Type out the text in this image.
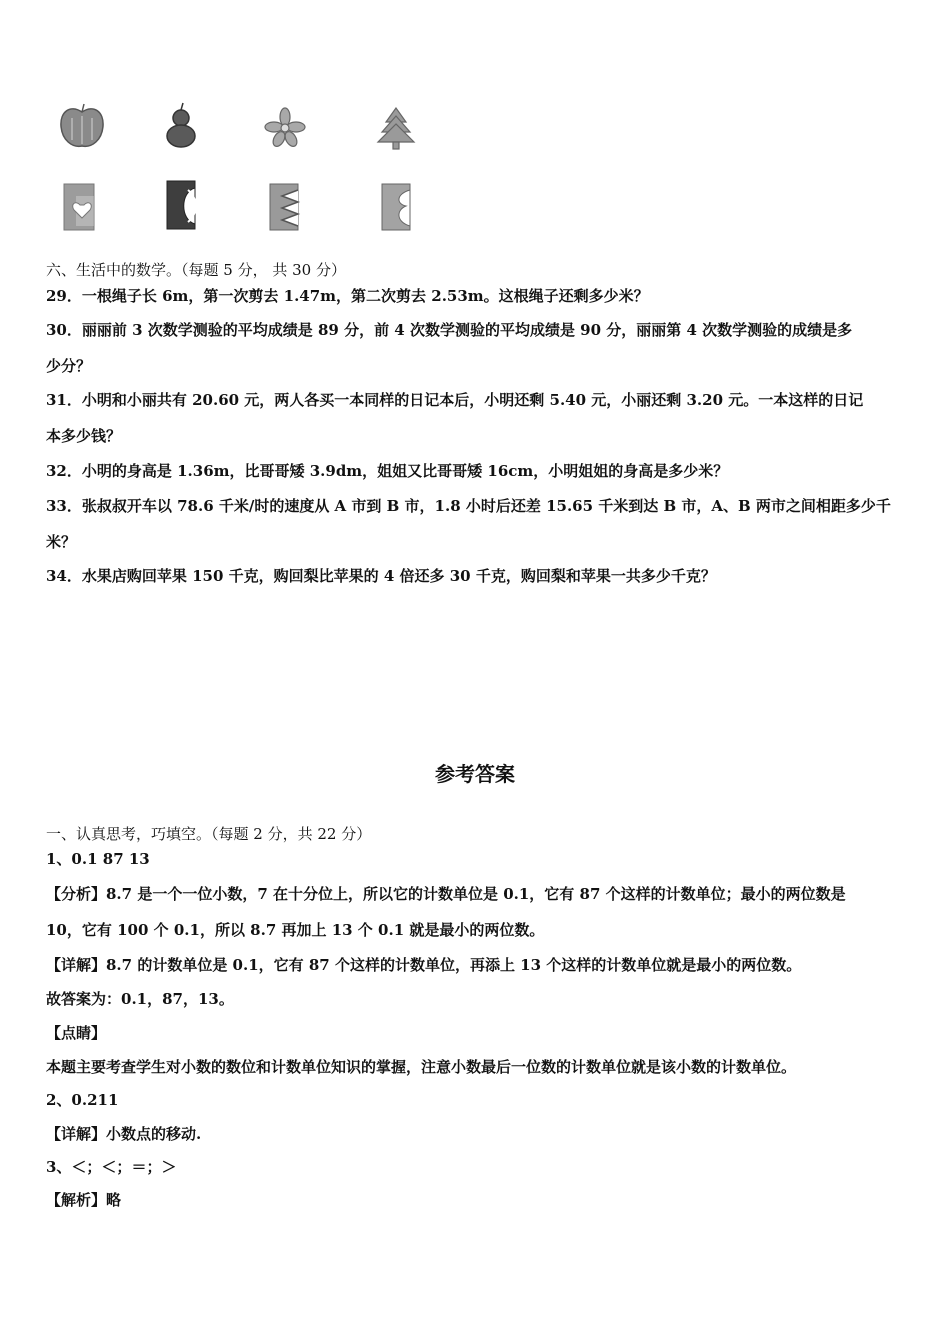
六、生活中的数学。（每题 5 分， 共 30 分）
29．一根绳子长 6m，第一次剪去 1.47m，第二次剪去 2.53m。这根绳子还剩多少米？
30．丽丽前 3 次数学测验的平均成绩是 89 分，前 4 次数学测验的平均成绩是 90 分，丽丽第 4 次数学测验的成绩是多
少分？
31．小明和小丽共有 20.60 元，两人各买一本同样的日记本后，小明还剩 5.40 元，小丽还剩 3.20 元。一本这样的日记
本多少钱？
32．小明的身高是 1.36m，比哥哥矮 3.9dm，姐姐又比哥哥矮 16cm，小明姐姐的身高是多少米？
33．张叔叔开车以 78.6 千米/时的速度从 A 市到 B 市，1.8 小时后还差 15.65 千米到达 B 市，A、B 两市之间相距多少千
米？
34．水果店购回苹果 150 千克，购回梨比苹果的 4 倍还多 30 千克，购回梨和苹果一共多少千克？
参考答案
一、认真思考，巧填空。（每题 2 分，共 22 分）
1、0.1 87 13
【分析】8.7 是一个一位小数，7 在十分位上，所以它的计数单位是 0.1，它有 87 个这样的计数单位；最小的两位数是
10，它有 100 个 0.1，所以 8.7 再加上 13 个 0.1 就是最小的两位数。
【详解】8.7 的计数单位是 0.1，它有 87 个这样的计数单位，再添上 13 个这样的计数单位就是最小的两位数。
故答案为：0.1，87，13。
【点睛】
本题主要考查学生对小数的数位和计数单位知识的掌握，注意小数最后一位数的计数单位就是该小数的计数单位。
2、0.211
【详解】小数点的移动.
3、＜；＜；＝；＞
【解析】略
